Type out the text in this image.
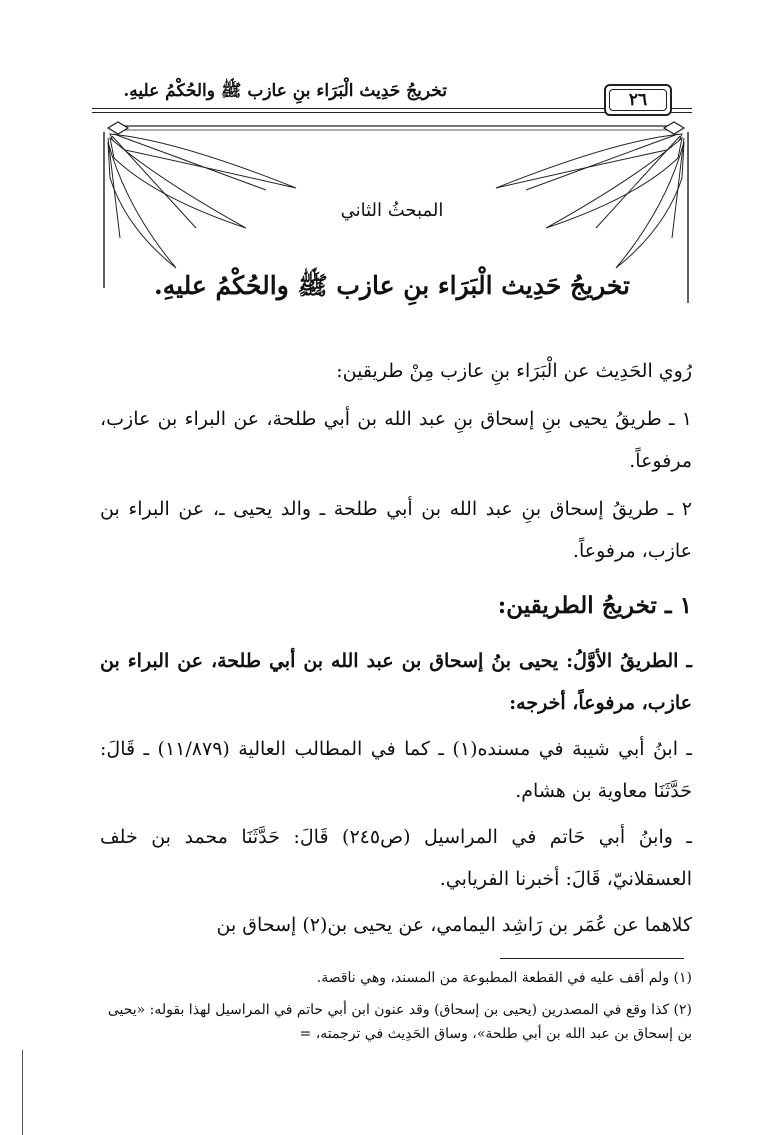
تخريجُ حَدِيث الْبَرَاء بنِ عازب ﷺ والحُكْمُ عليهِ.	٢٦
المبحثُ الثاني
تخريجُ حَدِيث الْبَرَاء بنِ عازب ﷺ والحُكْمُ عليهِ.
رُوي الحَدِيث عن الْبَرَاء بنِ عازب مِنْ طريقين:
١ ـ طريقُ يحيى بنِ إسحاق بنِ عبد الله بن أبي طلحة، عن البراء بن عازب، مرفوعاً.
٢ ـ طريقُ إسحاق بنِ عبد الله بن أبي طلحة ـ والد يحيى ـ، عن البراء بن عازب، مرفوعاً.
١ ـ تخريجُ الطريقين:
ـ الطريقُ الأوَّلُ: يحيى بنُ إسحاق بن عبد الله بن أبي طلحة، عن البراء بن عازب، مرفوعاً، أخرجه:
ـ ابنُ أبي شيبة في مسنده(١) ـ كما في المطالب العالية (١١/٨٧٩) ـ قَالَ: حَدَّثَنَا معاوية بن هشام.
ـ وابنُ أبي حَاتم في المراسيل (ص٢٤٥) قَالَ: حَدَّثَنَا محمد بن خلف العسقلانيّ، قَالَ: أخبرنا الفريابي.
كلاهما عن عُمَر بن رَاشِد اليمامي، عن يحيى بن(٢) إسحاق بن
(١) ولم أقف عليه في القطعة المطبوعة من المسند، وهي ناقصة.
(٢) كذا وقع في المصدرين (يحيى بن إسحاق) وقد عنون ابن أبي حاتم في المراسيل لهذا بقوله: «يحيى بن إسحاق بن عبد الله بن أبي طلحة»، وساق الحَدِيث في ترجمته، =
